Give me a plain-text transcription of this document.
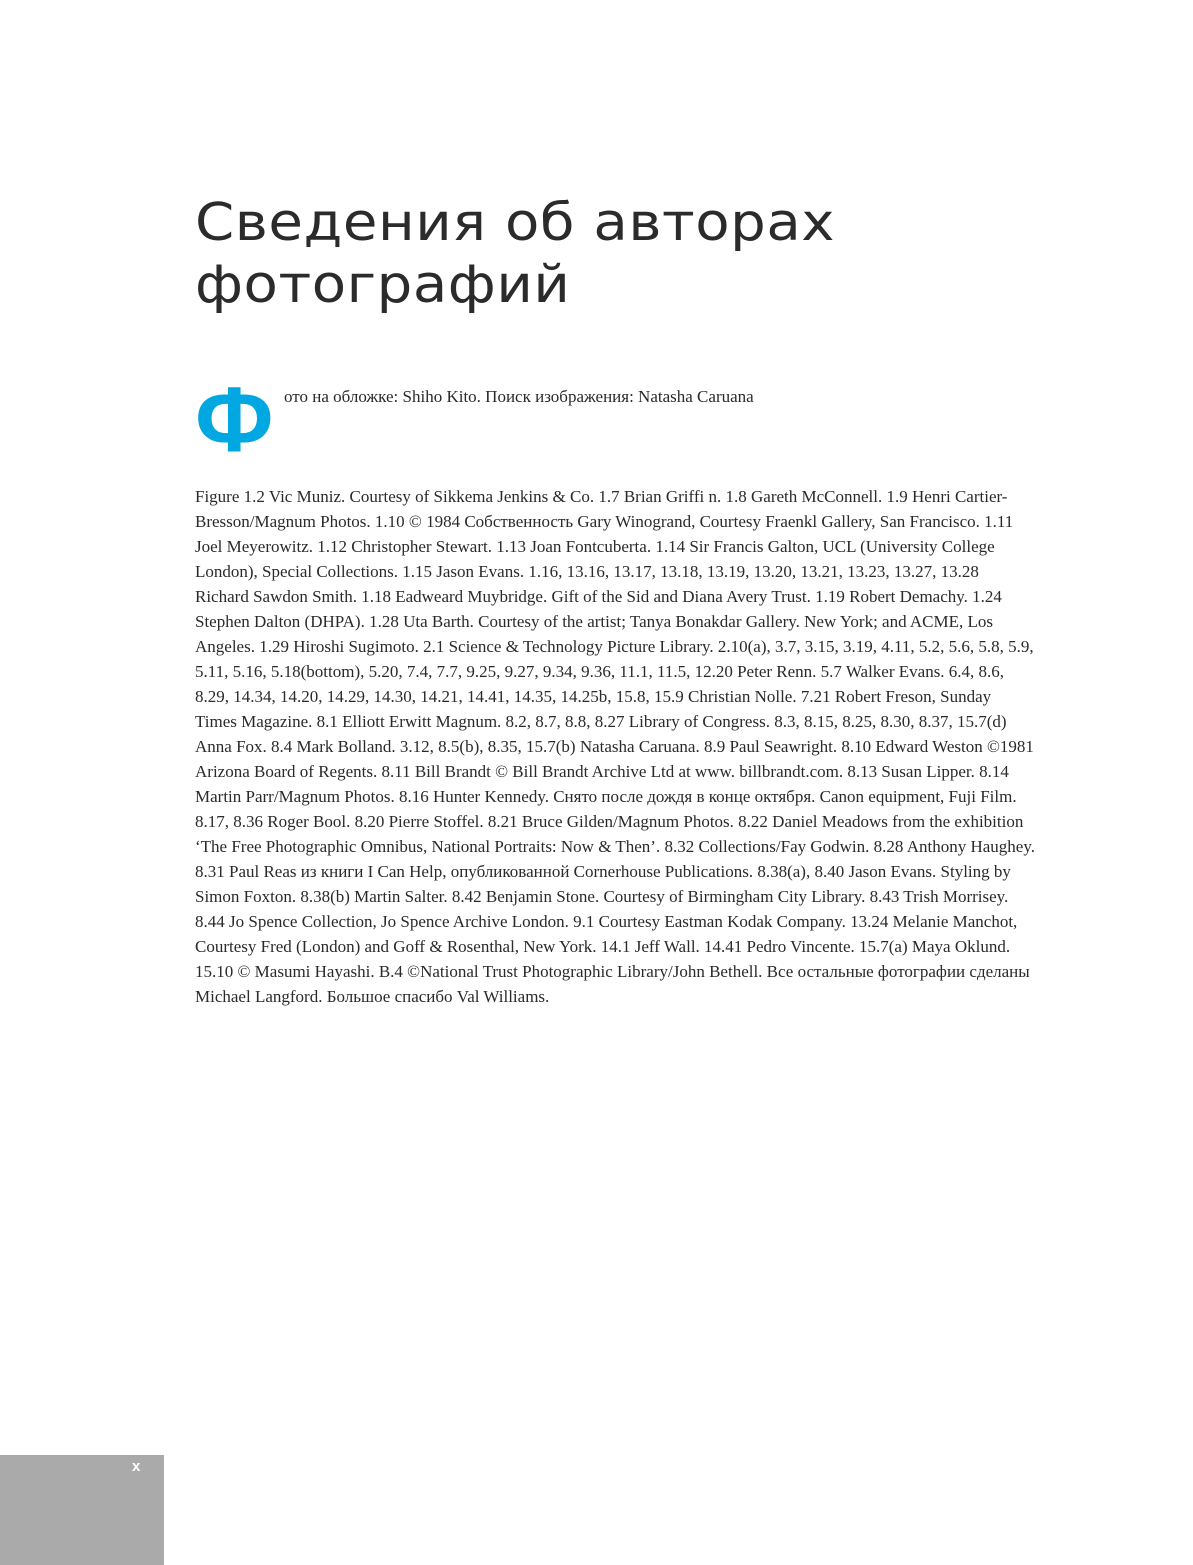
Сведения об авторах
фотографий
Ф ото на обложке: Shiho Kito. Поиск изображения: Natasha Caruana

Figure 1.2 Vic Muniz. Courtesy of Sikkema Jenkins & Co. 1.7 Brian Griffi n. 1.8 Gareth McConnell. 1.9 Henri Cartier-Bresson/Magnum Photos. 1.10 © 1984 Собственность Gary Winogrand, Courtesy Fraenkl Gallery, San Francisco. 1.11 Joel Meyerowitz. 1.12 Christopher Stewart. 1.13 Joan Fontcuberta. 1.14 Sir Francis Galton, UCL (University College London), Special Collections. 1.15 Jason Evans. 1.16, 13.16, 13.17, 13.18, 13.19, 13.20, 13.21, 13.23, 13.27, 13.28 Richard Sawdon Smith. 1.18 Eadweard Muybridge. Gift of the Sid and Diana Avery Trust. 1.19 Robert Demachy. 1.24 Stephen Dalton (DHPA). 1.28 Uta Barth. Courtesy of the artist; Tanya Bonakdar Gallery. New York; and ACME, Los Angeles. 1.29 Hiroshi Sugimoto. 2.1 Science & Technology Picture Library. 2.10(a), 3.7, 3.15, 3.19, 4.11, 5.2, 5.6, 5.8, 5.9, 5.11, 5.16, 5.18(bottom), 5.20, 7.4, 7.7, 9.25, 9.27, 9.34, 9.36, 11.1, 11.5, 12.20 Peter Renn. 5.7 Walker Evans. 6.4, 8.6, 8.29, 14.34, 14.20, 14.29, 14.30, 14.21, 14.41, 14.35, 14.25b, 15.8, 15.9 Christian Nolle. 7.21 Robert Freson, Sunday Times Magazine. 8.1 Elliott Erwitt Magnum. 8.2, 8.7, 8.8, 8.27 Library of Congress. 8.3, 8.15, 8.25, 8.30, 8.37, 15.7(d) Anna Fox. 8.4 Mark Bolland. 3.12, 8.5(b), 8.35, 15.7(b) Natasha Caruana. 8.9 Paul Seawright. 8.10 Edward Weston ©1981 Arizona Board of Regents. 8.11 Bill Brandt © Bill Brandt Archive Ltd at www. billbrandt.com. 8.13 Susan Lipper. 8.14 Martin Parr/Magnum Photos. 8.16 Hunter Kennedy. Снято после дождя в конце октября. Canon equipment, Fuji Film. 8.17, 8.36 Roger Bool. 8.20 Pierre Stoffel. 8.21 Bruce Gilden/Magnum Photos. 8.22 Daniel Meadows from the exhibition ‘The Free Photographic Omnibus, National Portraits: Now & Then’. 8.32 Collections/Fay Godwin. 8.28 Anthony Haughey. 8.31 Paul Reas из книги I Can Help, опубликованной Cornerhouse Publications. 8.38(a), 8.40 Jason Evans. Styling by Simon Foxton. 8.38(b) Martin Salter. 8.42 Benjamin Stone. Courtesy of Birmingham City Library. 8.43 Trish Morrisey. 8.44 Jo Spence Collection, Jo Spence Archive London. 9.1 Courtesy Eastman Kodak Company. 13.24 Melanie Manchot, Courtesy Fred (London) and Goff & Rosenthal, New York. 14.1 Jeff Wall. 14.41 Pedro Vincente. 15.7(a) Maya Oklund. 15.10 © Masumi Hayashi. B.4 ©National Trust Photographic Library/John Bethell. Все остальные фотографии сделаны Michael Langford. Большое спасибо Val Williams.

x
